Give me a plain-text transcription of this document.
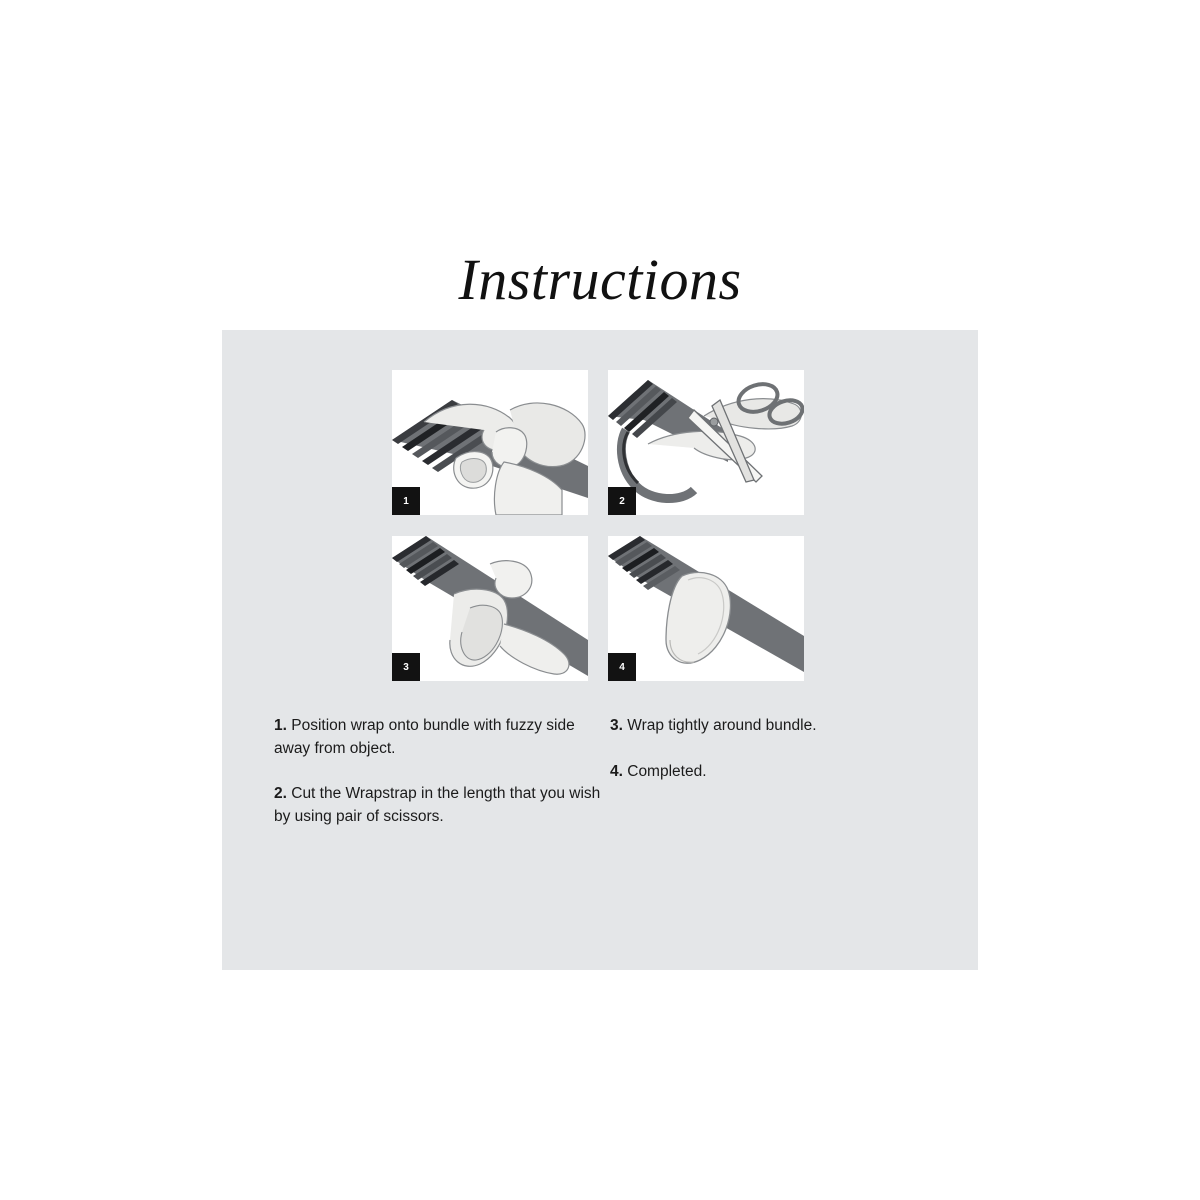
Instructions
1	2
3	4
1. Position wrap onto bundle with fuzzy side away from object.
2. Cut the Wrapstrap in the length that you wish by using pair of scissors.
3. Wrap tightly around bundle.
4. Completed.
